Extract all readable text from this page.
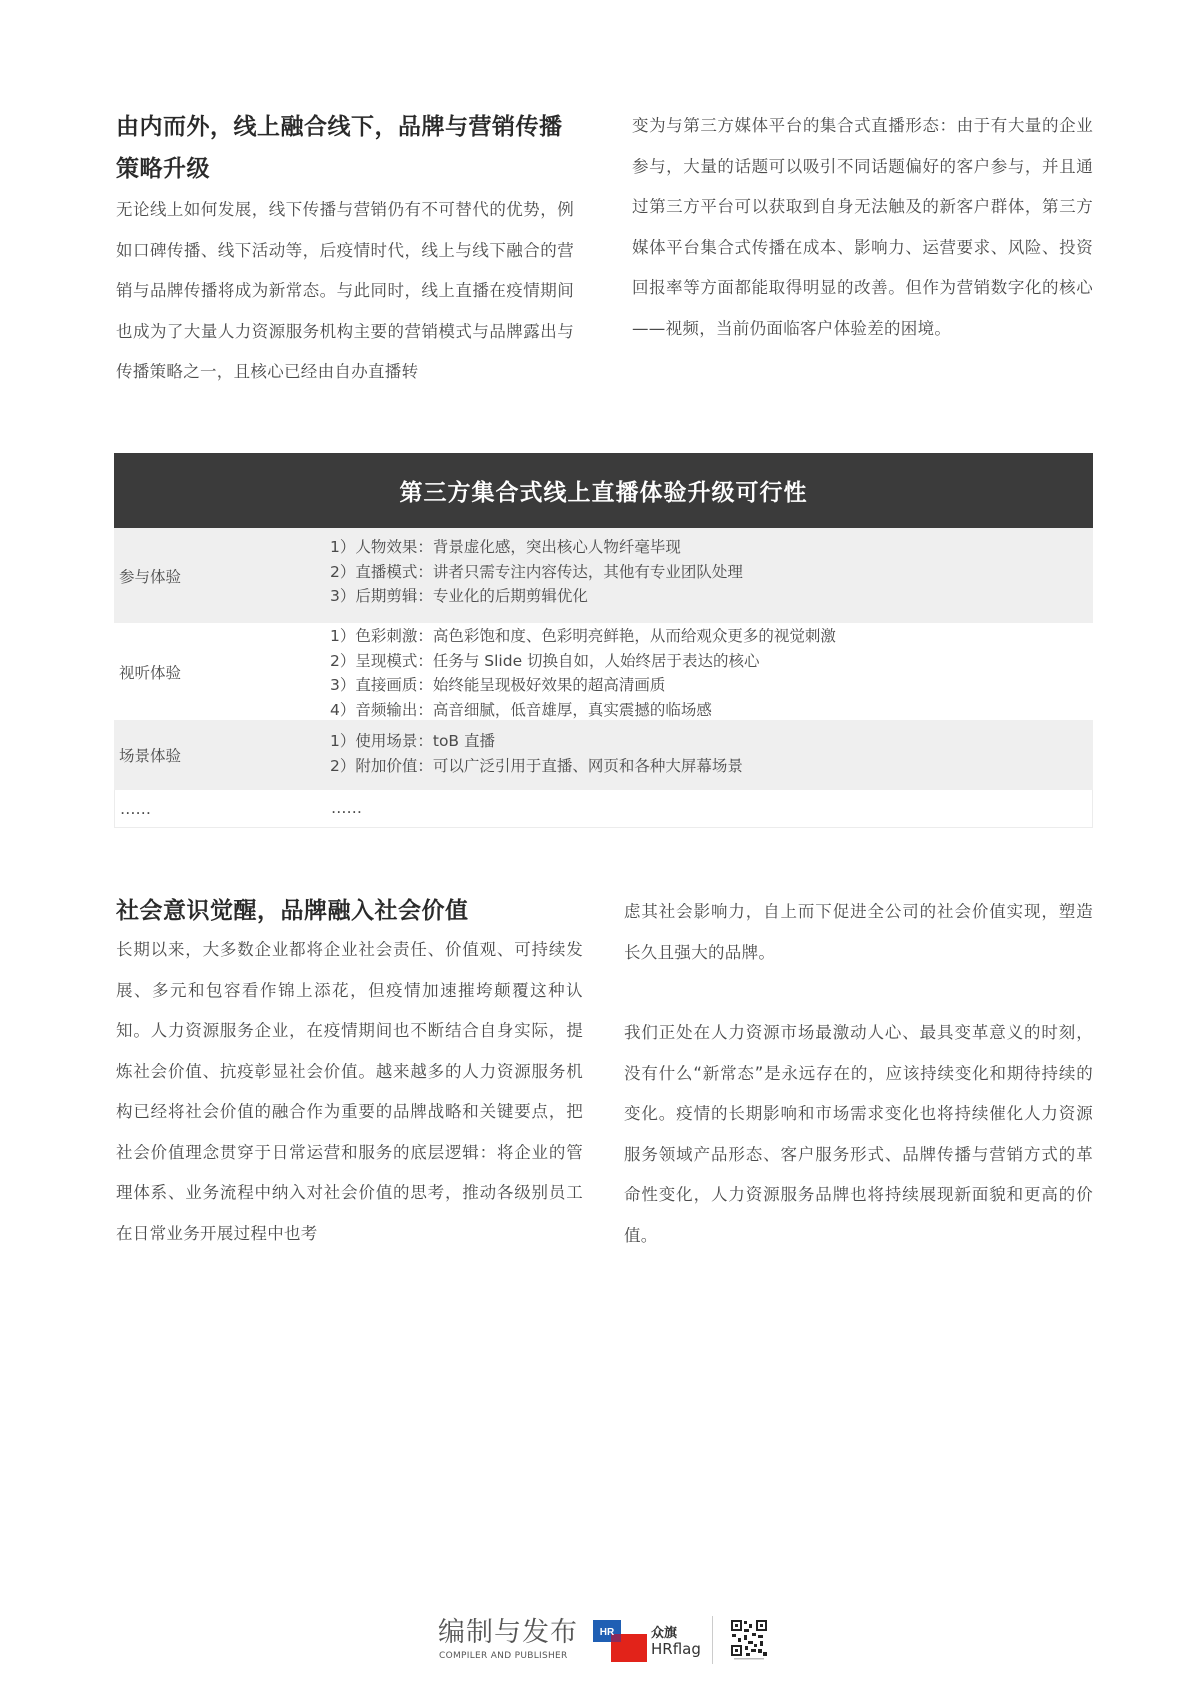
由内而外，线上融合线下，品牌与营销传播策略升级
无论线上如何发展，线下传播与营销仍有不可替代的优势，例如口碑传播、线下活动等，后疫情时代，线上与线下融合的营销与品牌传播将成为新常态。与此同时，线上直播在疫情期间也成为了大量人力资源服务机构主要的营销模式与品牌露出与传播策略之一，且核心已经由自办直播转
变为与第三方媒体平台的集合式直播形态：由于有大量的企业参与，大量的话题可以吸引不同话题偏好的客户参与，并且通过第三方平台可以获取到自身无法触及的新客户群体，第三方媒体平台集合式传播在成本、影响力、运营要求、风险、投资回报率等方面都能取得明显的改善。但作为营销数字化的核心——视频，当前仍面临客户体验差的困境。
第三方集合式线上直播体验升级可行性
参与体验
1）人物效果：背景虚化感，突出核心人物纤毫毕现
2）直播模式：讲者只需专注内容传达，其他有专业团队处理
3）后期剪辑：专业化的后期剪辑优化
视听体验
1）色彩刺激：高色彩饱和度、色彩明亮鲜艳，从而给观众更多的视觉刺激
2）呈现模式：任务与 Slide 切换自如，人始终居于表达的核心
3）直接画质：始终能呈现极好效果的超高清画质
4）音频输出：高音细腻，低音雄厚，真实震撼的临场感
场景体验
1）使用场景：toB 直播
2）附加价值：可以广泛引用于直播、网页和各种大屏幕场景
……	……
社会意识觉醒，品牌融入社会价值
长期以来，大多数企业都将企业社会责任、价值观、可持续发展、多元和包容看作锦上添花，但疫情加速摧垮颠覆这种认知。人力资源服务企业，在疫情期间也不断结合自身实际，提炼社会价值、抗疫彰显社会价值。越来越多的人力资源服务机构已经将社会价值的融合作为重要的品牌战略和关键要点，把社会价值理念贯穿于日常运营和服务的底层逻辑：将企业的管理体系、业务流程中纳入对社会价值的思考，推动各级别员工在日常业务开展过程中也考
虑其社会影响力，自上而下促进全公司的社会价值实现，塑造长久且强大的品牌。
我们正处在人力资源市场最激动人心、最具变革意义的时刻，没有什么“新常态”是永远存在的，应该持续变化和期待持续的变化。疫情的长期影响和市场需求变化也将持续催化人力资源服务领域产品形态、客户服务形式、品牌传播与营销方式的革命性变化，人力资源服务品牌也将持续展现新面貌和更高的价值。
编制与发布
COMPILER AND PUBLISHER
HR	众旗
HRflag
